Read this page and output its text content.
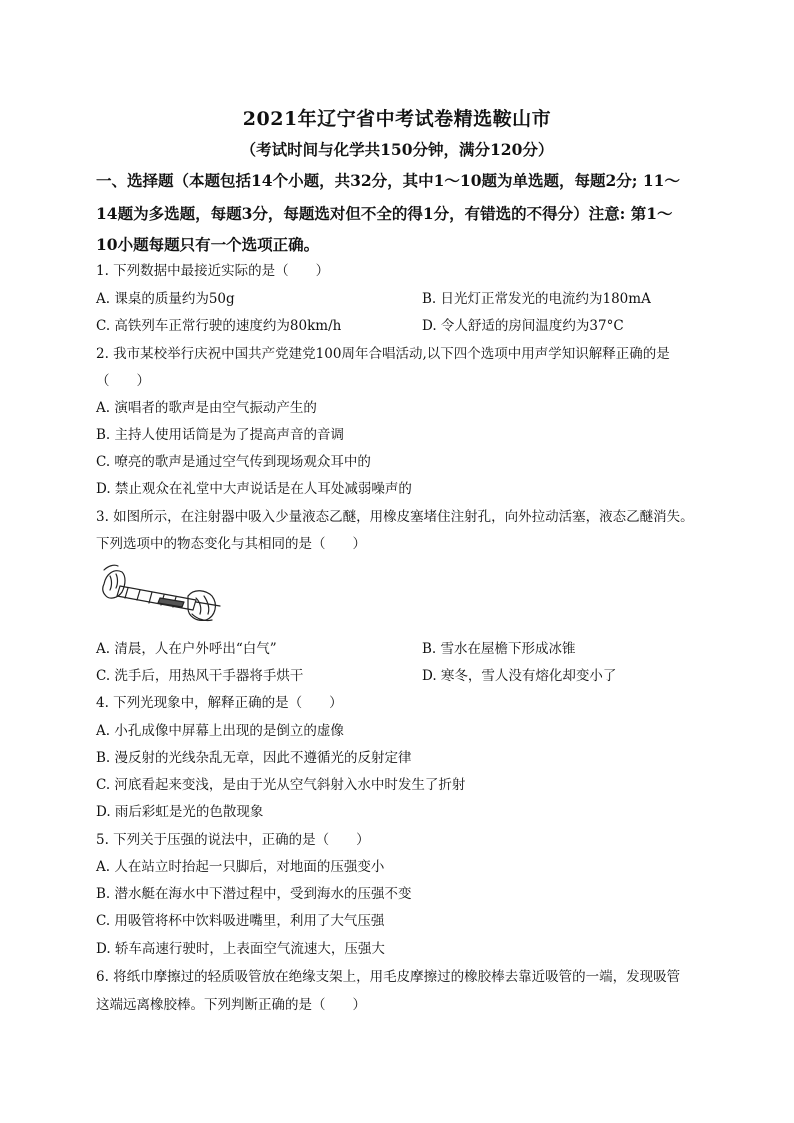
2021年辽宁省中考试卷精选鞍山市
（考试时间与化学共150分钟，满分120分）
一、选择题（本题包括14个小题，共32分，其中1～10题为单选题，每题2分; 11～
14题为多选题，每题3分，每题选对但不全的得1分，有错选的不得分）注意: 第1～
10小题每题只有一个选项正确。
1. 下列数据中最接近实际的是（　　）
A. 课桌的质量约为50g	B. 日光灯正常发光的电流约为180mA
C. 高铁列车正常行驶的速度约为80km/h	D. 令人舒适的房间温度约为37°C
2. 我市某校举行庆祝中国共产党建党100周年合唱活动,以下四个选项中用声学知识解释正确的是
（　　）
A. 演唱者的歌声是由空气振动产生的
B. 主持人使用话筒是为了提高声音的音调
C. 嘹亮的歌声是通过空气传到现场观众耳中的
D. 禁止观众在礼堂中大声说话是在人耳处减弱噪声的
3. 如图所示，在注射器中吸入少量液态乙醚，用橡皮塞堵住注射孔，向外拉动活塞，液态乙醚消失。
下列选项中的物态变化与其相同的是（　　）
A. 清晨，人在户外呼出“白气”	B. 雪水在屋檐下形成冰锥
C. 洗手后，用热风干手器将手烘干	D. 寒冬，雪人没有熔化却变小了
4. 下列光现象中，解释正确的是（　　）
A. 小孔成像中屏幕上出现的是倒立的虚像
B. 漫反射的光线杂乱无章，因此不遵循光的反射定律
C. 河底看起来变浅，是由于光从空气斜射入水中时发生了折射
D. 雨后彩虹是光的色散现象
5. 下列关于压强的说法中，正确的是（　　）
A. 人在站立时抬起一只脚后，对地面的压强变小
B. 潜水艇在海水中下潜过程中，受到海水的压强不变
C. 用吸管将杯中饮料吸进嘴里，利用了大气压强
D. 轿车高速行驶时，上表面空气流速大，压强大
6. 将纸巾摩擦过的轻质吸管放在绝缘支架上，用毛皮摩擦过的橡胶棒去靠近吸管的一端，发现吸管
这端远离橡胶棒。下列判断正确的是（　　）
